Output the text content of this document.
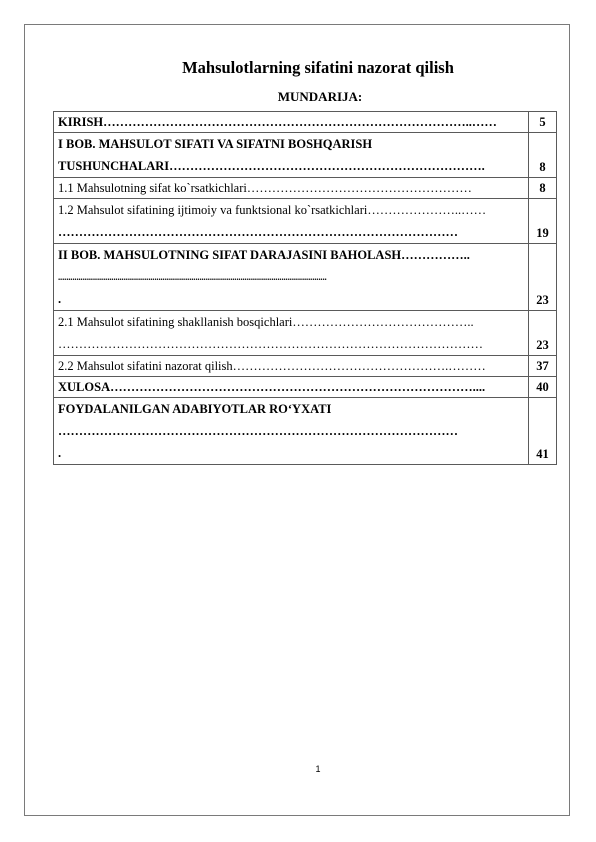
Mahsulotlarning sifatini nazorat qilish
MUNDARIJA:
KIRISH……………………………………………………………………………..……	5

I BOB. MAHSULOT SIFATI VA SIFATNI BOSHQARISH
TUSHUNCHALARI………………………………………………………………….	8

1.1 Mahsulotning sifat ko`rsatkichlari………………………………………………	8

1.2 Mahsulot sifatining ijtimoiy va funktsional ko`rsatkichlari…………………..……
……………………………………………………………………………………	19

II BOB. MAHSULOTNING SIFAT DARAJASINI BAHOLASH……………..
...................................................................................................................................
.	23

2.1 Mahsulot sifatining shakllanish bosqichlari……………………………………..
…………………………………………………………………………………………	23

2.2 Mahsulot sifatini nazorat qilish…………………………………………….………	37

XULOSA……………………………………………………………………………....	40

FOYDALANILGAN ADABIYOTLAR RO‘YXATI
……………………………………………………………………………………
.	41
1
